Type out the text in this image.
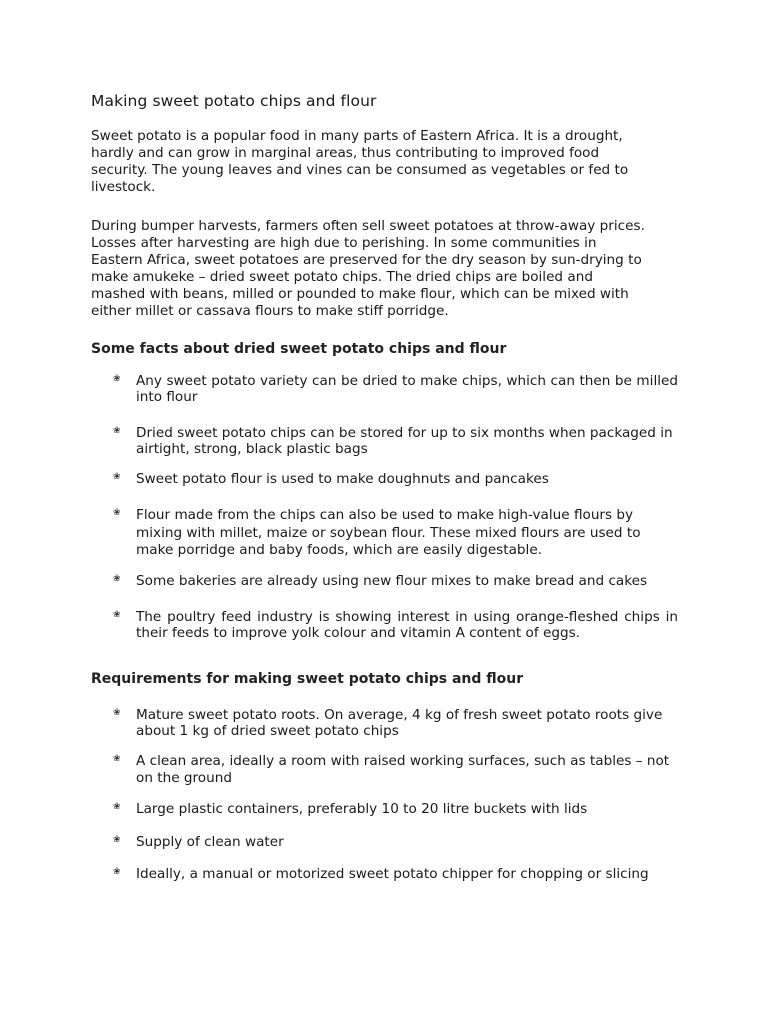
Making sweet potato chips and flour

Sweet potato is a popular food in many parts of Eastern Africa. It is a drought, hardly and can grow in marginal areas, thus contributing to improved food security. The young leaves and vines can be consumed as vegetables or fed to livestock.

During bumper harvests, farmers often sell sweet potatoes at throw-away prices. Losses after harvesting are high due to perishing. In some communities in Eastern Africa, sweet potatoes are preserved for the dry season by sun-drying to make amukeke – dried sweet potato chips. The dried chips are boiled and mashed with beans, milled or pounded to make flour, which can be mixed with either millet or cassava flours to make stiff porridge.

Some facts about dried sweet potato chips and flour
❀	Any sweet potato variety can be dried to make chips, which can then be milled into flour
❀	Dried sweet potato chips can be stored for up to six months when packaged in airtight, strong, black plastic bags
❀	Sweet potato flour is used to make doughnuts and pancakes
❀	Flour made from the chips can also be used to make high-value flours by mixing with millet, maize or soybean flour. These mixed flours are used to make porridge and baby foods, which are easily digestable.
❀	Some bakeries are already using new flour mixes to make bread and cakes
❀	The poultry feed industry is showing interest in using orange-fleshed chips in their feeds to improve yolk colour and vitamin A content of eggs.
Requirements for making sweet potato chips and flour
❀	Mature sweet potato roots. On average, 4 kg of fresh sweet potato roots give about 1 kg of dried sweet potato chips
❀	A clean area, ideally a room with raised working surfaces, such as tables – not on the ground
❀	Large plastic containers, preferably 10 to 20 litre buckets with lids
❀	Supply of clean water
❀	Ideally, a manual or motorized sweet potato chipper for chopping or slicing
